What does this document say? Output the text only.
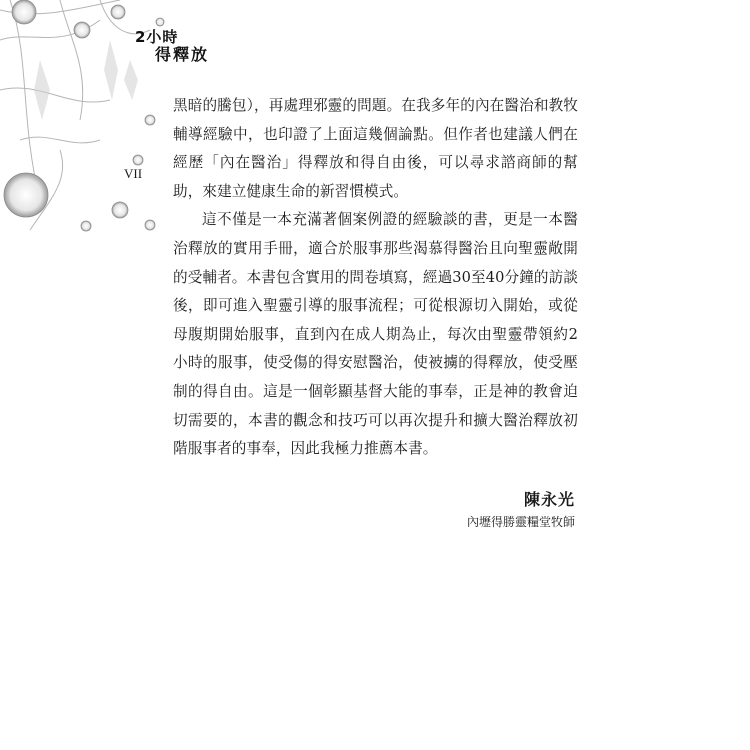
2小時
得釋放
VII

黑暗的騰包），再處理邪靈的問題。在我多年的內在醫治和教牧輔導經驗中，也印證了上面這幾個論點。但作者也建議人們在經歷「內在醫治」得釋放和得自由後，可以尋求諮商師的幫助，來建立健康生命的新習慣模式。

這不僅是一本充滿著個案例證的經驗談的書，更是一本醫治釋放的實用手冊，適合於服事那些渴慕得醫治且向聖靈敞開的受輔者。本書包含實用的問卷填寫，經過30至40分鐘的訪談後，即可進入聖靈引導的服事流程；可從根源切入開始，或從母腹期開始服事，直到內在成人期為止，每次由聖靈帶領約2小時的服事，使受傷的得安慰醫治，使被擄的得釋放，使受壓制的得自由。這是一個彰顯基督大能的事奉，正是神的教會迫切需要的，本書的觀念和技巧可以再次提升和擴大醫治釋放初階服事者的事奉，因此我極力推薦本書。

陳永光
內壢得勝靈糧堂牧師
